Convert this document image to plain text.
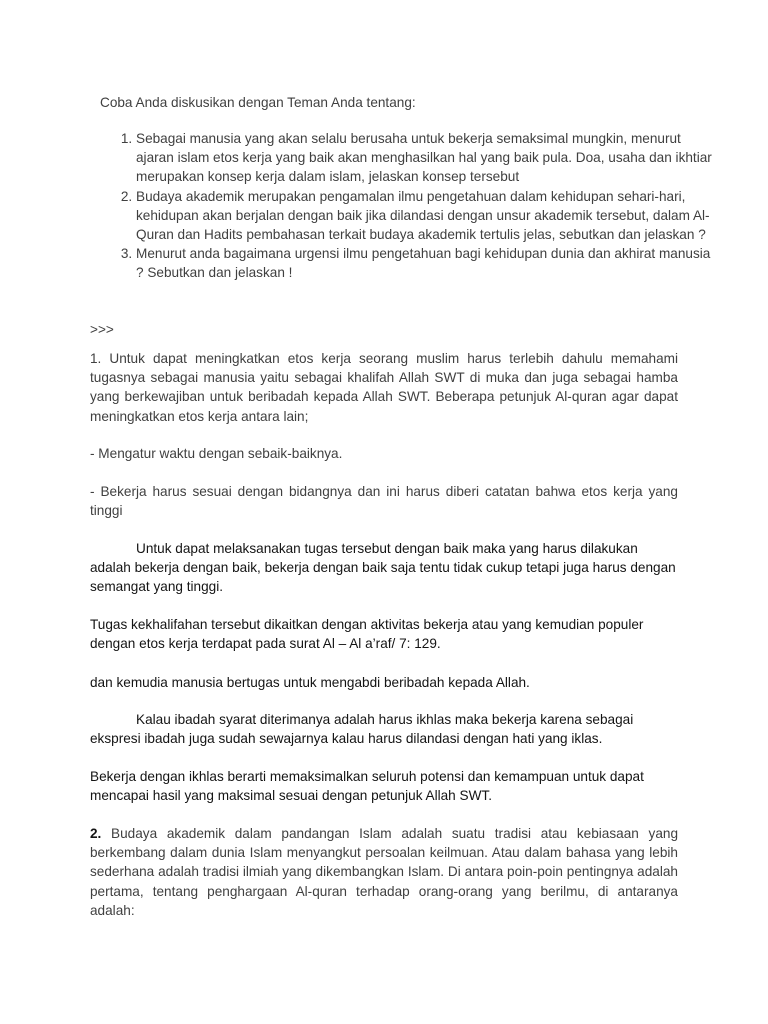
Coba Anda diskusikan dengan Teman Anda tentang:

1. Sebagai manusia yang akan selalu berusaha untuk bekerja semaksimal mungkin, menurut ajaran islam etos kerja yang baik akan menghasilkan hal yang baik pula. Doa, usaha dan ikhtiar merupakan konsep kerja dalam islam, jelaskan konsep tersebut
2. Budaya akademik merupakan pengamalan ilmu pengetahuan dalam kehidupan sehari-hari, kehidupan akan berjalan dengan baik jika dilandasi dengan unsur akademik tersebut, dalam Al-Quran dan Hadits pembahasan terkait budaya akademik tertulis jelas, sebutkan dan jelaskan ?
3. Menurut anda bagaimana urgensi ilmu pengetahuan bagi kehidupan dunia dan akhirat manusia ? Sebutkan dan jelaskan !

>>>

1. Untuk dapat meningkatkan etos kerja seorang muslim harus terlebih dahulu memahami tugasnya sebagai manusia yaitu sebagai khalifah Allah SWT di muka dan juga sebagai hamba yang berkewajiban untuk beribadah kepada Allah SWT. Beberapa petunjuk Al-quran agar dapat meningkatkan etos kerja antara lain;

- Mengatur waktu dengan sebaik-baiknya.

- Bekerja harus sesuai dengan bidangnya dan ini harus diberi catatan bahwa etos kerja yang tinggi

Untuk dapat melaksanakan tugas tersebut dengan baik maka yang harus dilakukan adalah bekerja dengan baik, bekerja dengan baik saja tentu tidak cukup tetapi juga harus dengan semangat yang tinggi.

Tugas kekhalifahan tersebut dikaitkan dengan aktivitas bekerja atau yang kemudian populer dengan etos kerja terdapat pada surat Al – Al a’raf/ 7: 129.

dan kemudia manusia bertugas untuk mengabdi beribadah kepada Allah.

Kalau ibadah syarat diterimanya adalah harus ikhlas maka bekerja karena sebagai ekspresi ibadah juga sudah sewajarnya kalau harus dilandasi dengan hati yang iklas.

Bekerja dengan ikhlas berarti memaksimalkan seluruh potensi dan kemampuan untuk dapat mencapai hasil yang maksimal sesuai dengan petunjuk Allah SWT.

2. Budaya akademik dalam pandangan Islam adalah suatu tradisi atau kebiasaan yang berkembang dalam dunia Islam menyangkut persoalan keilmuan. Atau dalam bahasa yang lebih sederhana adalah tradisi ilmiah yang dikembangkan Islam. Di antara poin-poin pentingnya adalah pertama, tentang penghargaan Al-quran terhadap orang-orang yang berilmu, di antaranya adalah:
